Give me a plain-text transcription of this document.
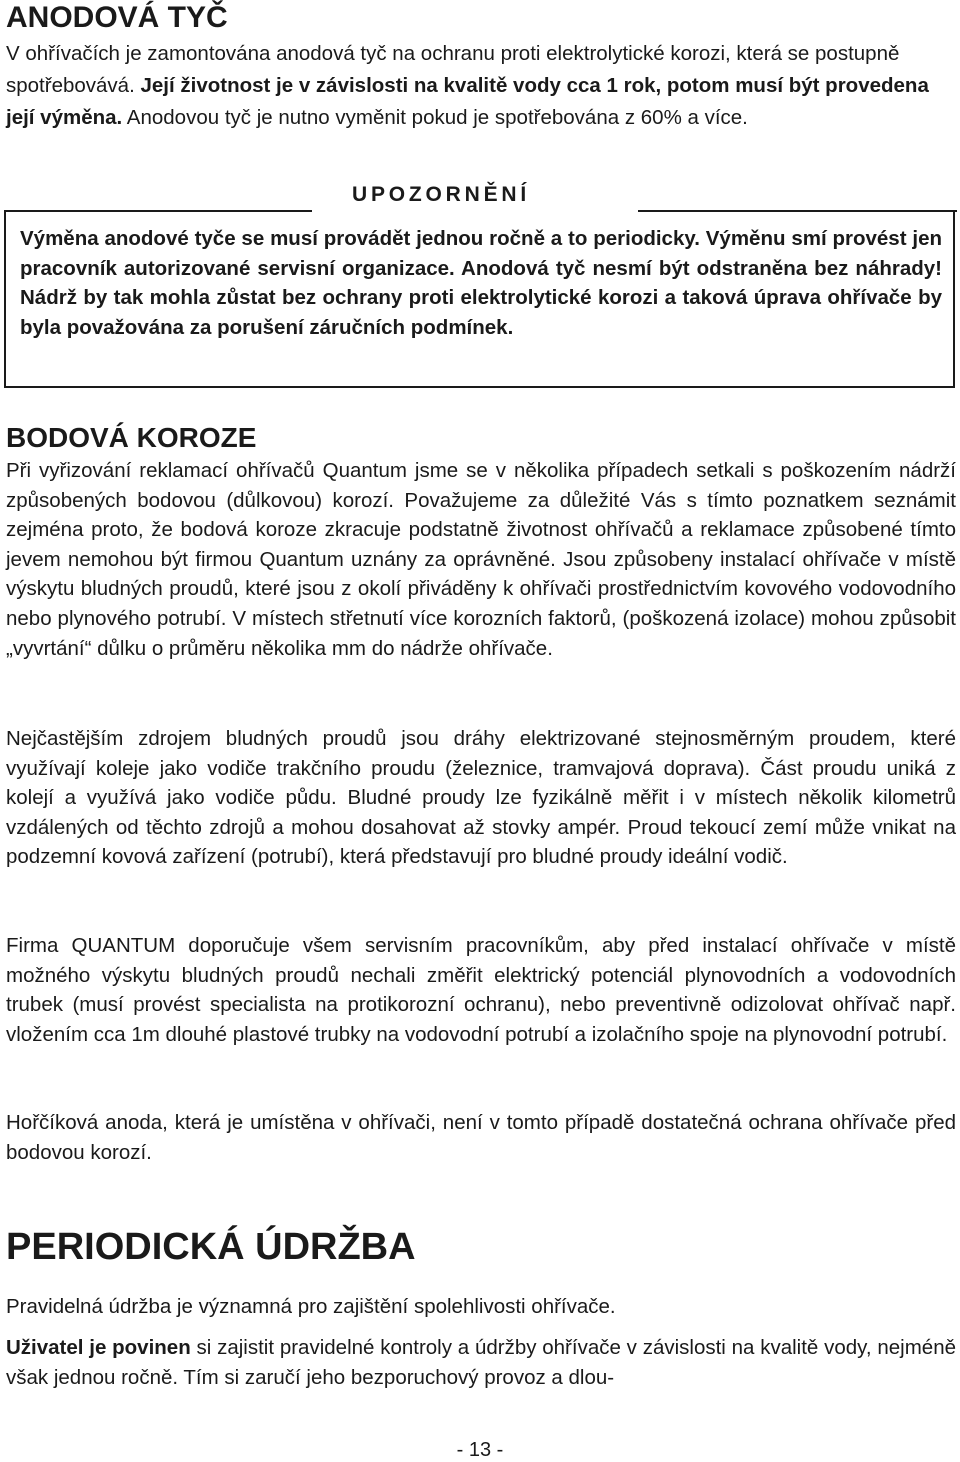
ANODOVÁ TYČ

V ohřívačích je zamontována anodová tyč na ochranu proti elektrolytické korozi, která se postupně spotřebovává. Její životnost je v závislosti na kvalitě vody cca 1 rok, potom musí být provedena její výměna. Anodovou tyč je nutno vyměnit pokud je spotřebována z 60% a více.

UPOZORNĚNÍ

Výměna anodové tyče se musí provádět jednou ročně a to periodicky. Výměnu smí provést jen pracovník autorizované servisní organizace. Anodová tyč nesmí být odstraněna bez náhrady! Nádrž by tak mohla zůstat bez ochrany proti elektrolytické korozi a taková úprava ohřívače by byla považována za porušení záručních podmínek.

BODOVÁ KOROZE

Při vyřizování reklamací ohřívačů Quantum jsme se v několika případech setkali s poškozením nádrží způsobených bodovou (důlkovou) korozí. Považujeme za důležité Vás s tímto poznatkem seznámit zejména proto, že bodová koroze zkracuje podstatně životnost ohřívačů a reklamace způsobené tímto jevem nemohou být firmou Quantum uznány za oprávněné. Jsou způsobeny instalací ohřívače v místě výskytu bludných proudů, které jsou z okolí přiváděny k ohřívači prostřednictvím kovového vodovodního nebo plynového potrubí. V místech střetnutí více korozních faktorů, (poškozená izolace) mohou způsobit „vyvrtání“ důlku o průměru několika mm do nádrže ohřívače.

Nejčastějším zdrojem bludných proudů jsou dráhy elektrizované stejnosměrným proudem, které využívají koleje jako vodiče trakčního proudu (železnice, tramvajová doprava). Část proudu uniká z kolejí a využívá jako vodiče půdu. Bludné proudy lze fyzikálně měřit i v místech několik kilometrů vzdálených od těchto zdrojů a mohou dosahovat až stovky ampér. Proud tekoucí zemí může vnikat na podzemní kovová zařízení (potrubí), která představují pro bludné proudy ideální vodič.

Firma QUANTUM doporučuje všem servisním pracovníkům, aby před instalací ohřívače v místě možného výskytu bludných proudů nechali změřit elektrický potenciál plynovodních a vodovodních trubek (musí provést specialista na protikorozní ochranu), nebo preventivně odizolovat ohřívač např. vložením cca 1m dlouhé plastové trubky na vodovodní potrubí a izolačního spoje na plynovodní potrubí.

Hořčíková anoda, která je umístěna v ohřívači, není v tomto případě dostatečná ochrana ohřívače před bodovou korozí.

PERIODICKÁ ÚDRŽBA

Pravidelná údržba je významná pro zajištění spolehlivosti ohřívače.

Uživatel je povinen si zajistit pravidelné kontroly a údržby ohřívače v závislosti na kvalitě vody, nejméně však jednou ročně. Tím si zaručí jeho bezporuchový provoz a dlou-

- 13 -
